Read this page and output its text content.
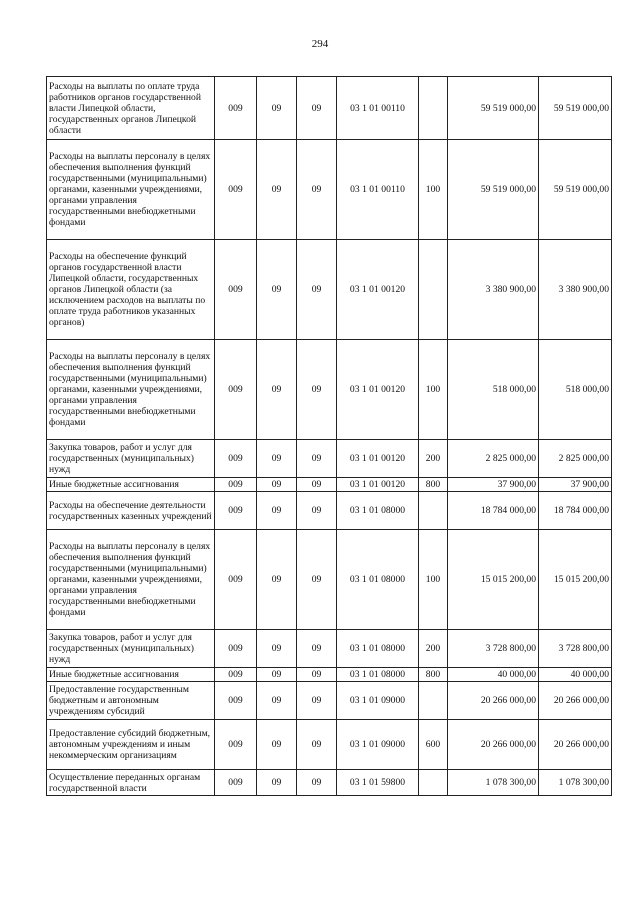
294
Расходы на выплаты по оплате труда работников органов государственной власти Липецкой области, государственных органов Липецкой области	009	09	09	03 1 01 00110		59 519 000,00	59 519 000,00
Расходы на выплаты персоналу в целях обеспечения выполнения функций государственными (муниципальными) органами, казенными учреждениями, органами управления государственными внебюджетными фондами	009	09	09	03 1 01 00110	100	59 519 000,00	59 519 000,00
Расходы на обеспечение функций органов государственной власти Липецкой области, государственных органов Липецкой области (за исключением расходов на выплаты по оплате труда работников указанных органов)	009	09	09	03 1 01 00120		3 380 900,00	3 380 900,00
Расходы на выплаты персоналу в целях обеспечения выполнения функций государственными (муниципальными) органами, казенными учреждениями, органами управления государственными внебюджетными фондами	009	09	09	03 1 01 00120	100	518 000,00	518 000,00
Закупка товаров, работ и услуг для государственных (муниципальных) нужд	009	09	09	03 1 01 00120	200	2 825 000,00	2 825 000,00
Иные бюджетные ассигнования	009	09	09	03 1 01 00120	800	37 900,00	37 900,00
Расходы на обеспечение деятельности государственных казенных учреждений	009	09	09	03 1 01 08000		18 784 000,00	18 784 000,00
Расходы на выплаты персоналу в целях обеспечения выполнения функций государственными (муниципальными) органами, казенными учреждениями, органами управления государственными внебюджетными фондами	009	09	09	03 1 01 08000	100	15 015 200,00	15 015 200,00
Закупка товаров, работ и услуг для государственных (муниципальных) нужд	009	09	09	03 1 01 08000	200	3 728 800,00	3 728 800,00
Иные бюджетные ассигнования	009	09	09	03 1 01 08000	800	40 000,00	40 000,00
Предоставление государственным бюджетным и автономным учреждениям субсидий	009	09	09	03 1 01 09000		20 266 000,00	20 266 000,00
Предоставление субсидий бюджетным, автономным учреждениям и иным некоммерческим организациям	009	09	09	03 1 01 09000	600	20 266 000,00	20 266 000,00
Осуществление переданных органам государственной власти	009	09	09	03 1 01 59800		1 078 300,00	1 078 300,00
